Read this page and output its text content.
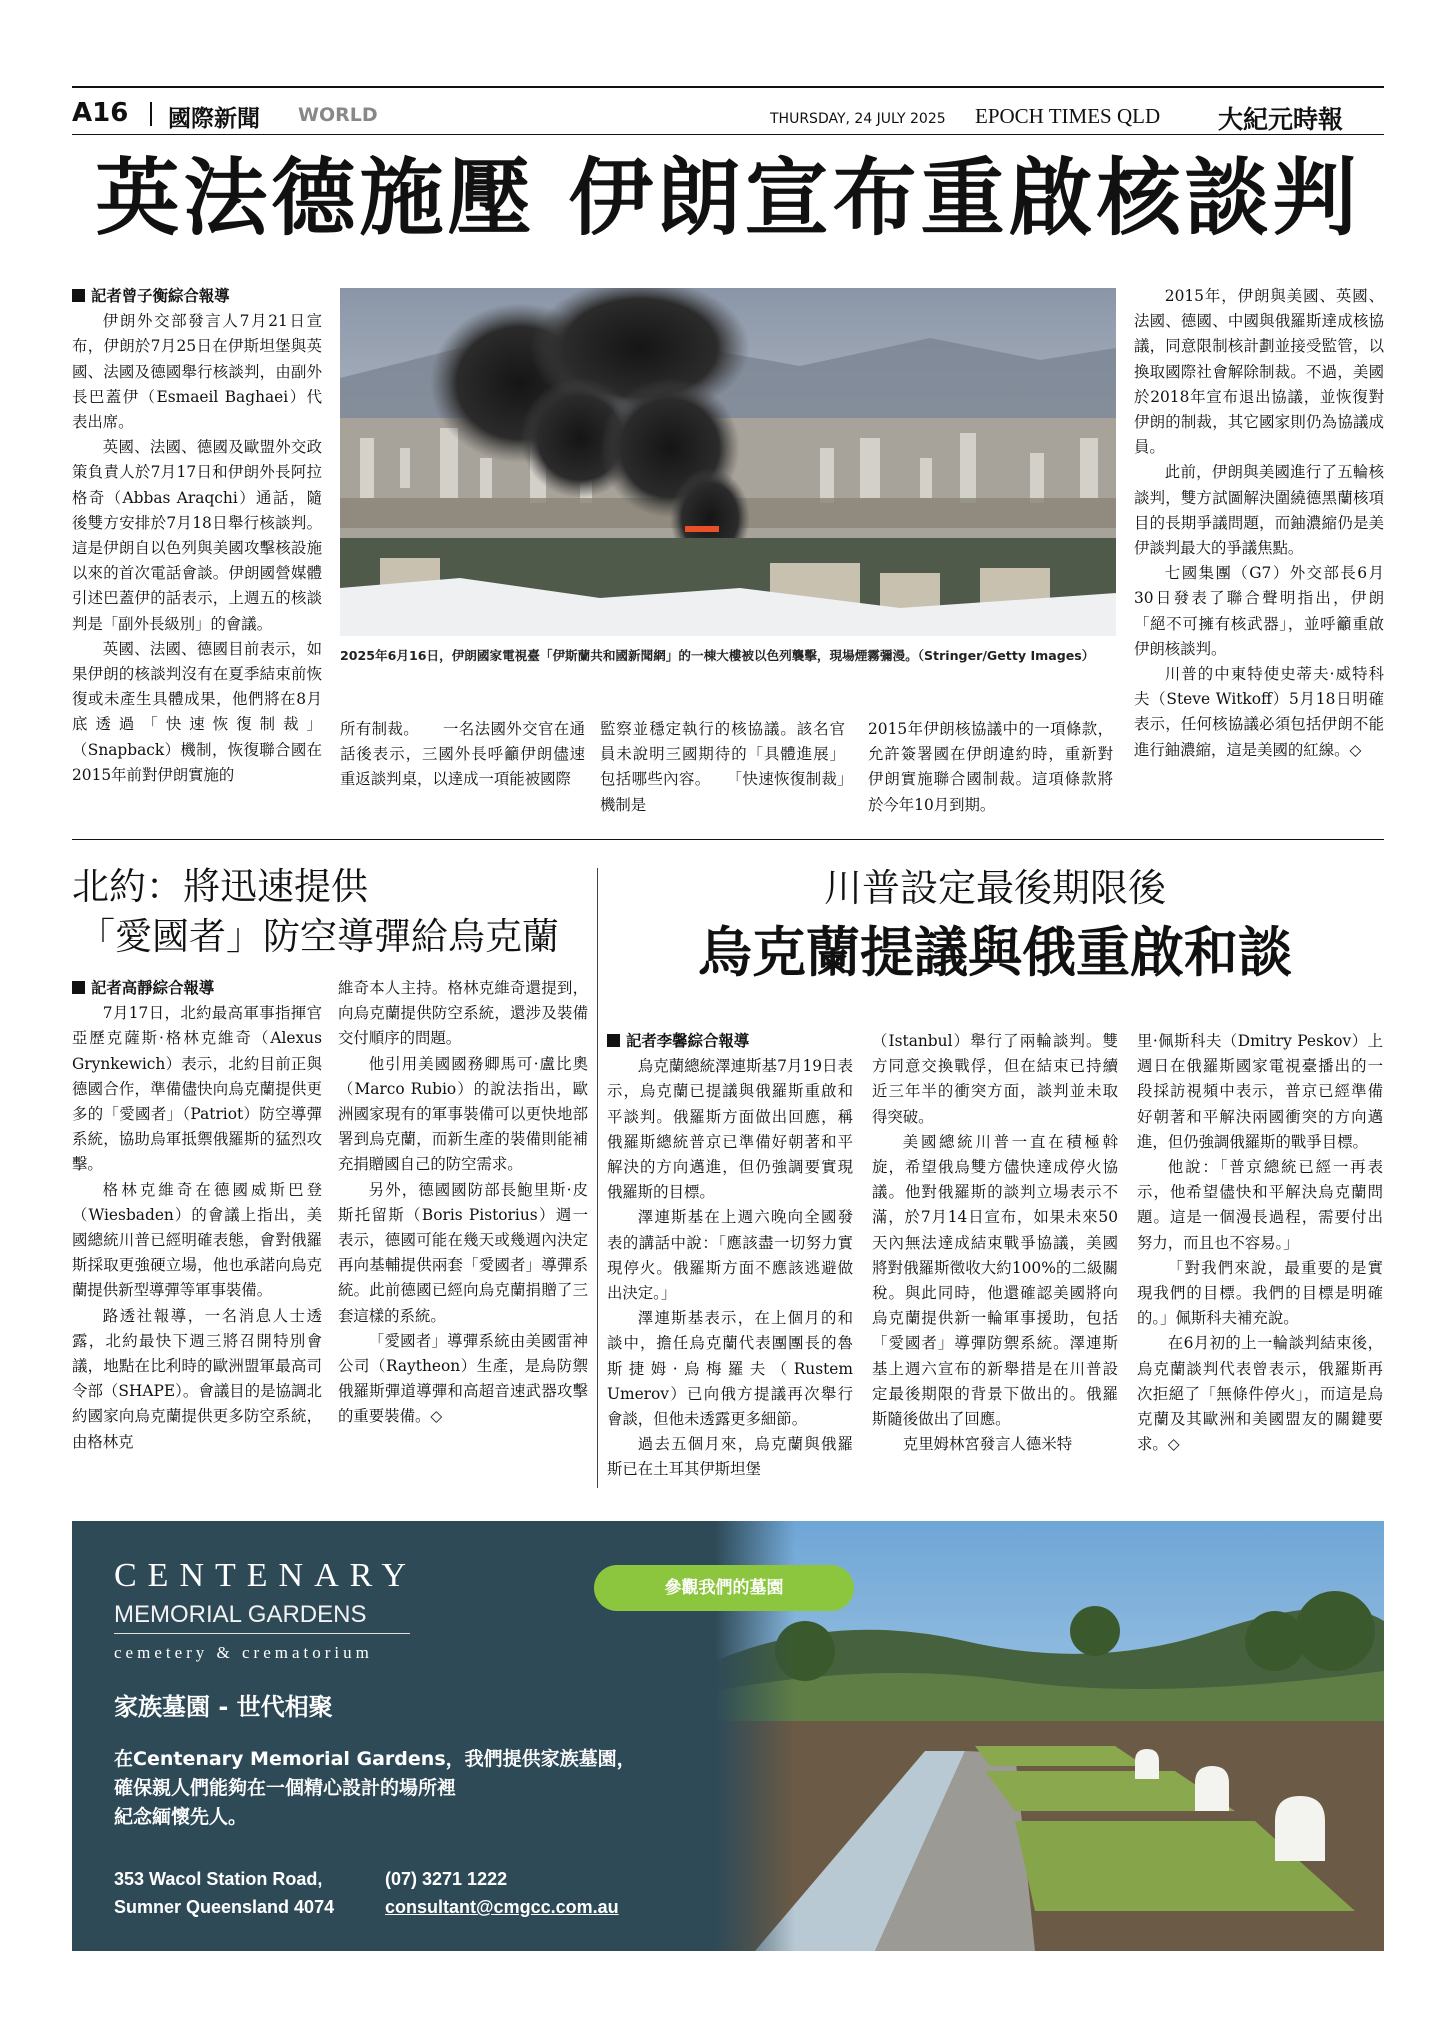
A16 國際新聞 WORLD	THURSDAY, 24 JULY 2025 EPOCH TIMES QLD 大紀元時報
英法德施壓 伊朗宣布重啟核談判

記者曾子衡綜合報導

伊朗外交部發言人7月21日宣布，伊朗於7月25日在伊斯坦堡與英國、法國及德國舉行核談判，由副外長巴蓋伊（Esmaeil Baghaei）代表出席。

英國、法國、德國及歐盟外交政策負責人於7月17日和伊朗外長阿拉格奇（Abbas Araqchi）通話，隨後雙方安排於7月18日舉行核談判。這是伊朗自以色列與美國攻擊核設施以來的首次電話會談。伊朗國營媒體引述巴蓋伊的話表示，上週五的核談判是「副外長級別」的會議。

英國、法國、德國目前表示，如果伊朗的核談判沒有在夏季結束前恢復或未產生具體成果，他們將在8月底透過「快速恢復制裁」（Snapback）機制，恢復聯合國在2015年前對伊朗實施的

2025年6月16日，伊朗國家電視臺「伊斯蘭共和國新聞網」的一棟大樓被以色列襲擊，現場煙霧彌漫。（Stringer/Getty Images）

所有制裁。　　一名法國外交官在通話後表示，三國外長呼籲伊朗儘速重返談判桌，以達成一項能被國際

監察並穩定執行的核協議。該名官員未說明三國期待的「具體進展」包括哪些內容。　　「快速恢復制裁」機制是

2015年伊朗核協議中的一項條款，允許簽署國在伊朗違約時，重新對伊朗實施聯合國制裁。這項條款將於今年10月到期。

2015年，伊朗與美國、英國、法國、德國、中國與俄羅斯達成核協議，同意限制核計劃並接受監管，以換取國際社會解除制裁。不過，美國於2018年宣布退出協議，並恢復對伊朗的制裁，其它國家則仍為協議成員。

此前，伊朗與美國進行了五輪核談判，雙方試圖解決圍繞德黑蘭核項目的長期爭議問題，而鈾濃縮仍是美伊談判最大的爭議焦點。

七國集團（G7）外交部長6月30日發表了聯合聲明指出，伊朗「絕不可擁有核武器」，並呼籲重啟伊朗核談判。

川普的中東特使史蒂夫·威特科夫（Steve Witkoff）5月18日明確表示，任何核協議必須包括伊朗不能進行鈾濃縮，這是美國的紅線。◇

北約：將迅速提供
「愛國者」防空導彈給烏克蘭

記者高靜綜合報導

7月17日，北約最高軍事指揮官亞歷克薩斯·格林克維奇（Alexus Grynkewich）表示，北約目前正與德國合作，準備儘快向烏克蘭提供更多的「愛國者」（Patriot）防空導彈系統，協助烏軍抵禦俄羅斯的猛烈攻擊。

格林克維奇在德國威斯巴登（Wiesbaden）的會議上指出，美國總統川普已經明確表態，會對俄羅斯採取更強硬立場，他也承諾向烏克蘭提供新型導彈等軍事裝備。

路透社報導，一名消息人士透露，北約最快下週三將召開特別會議，地點在比利時的歐洲盟軍最高司令部（SHAPE）。會議目的是協調北約國家向烏克蘭提供更多防空系統，由格林克

維奇本人主持。格林克維奇還提到，向烏克蘭提供防空系統，還涉及裝備交付順序的問題。

他引用美國國務卿馬可·盧比奧（Marco Rubio）的說法指出，歐洲國家現有的軍事裝備可以更快地部署到烏克蘭，而新生產的裝備則能補充捐贈國自己的防空需求。

另外，德國國防部長鮑里斯·皮斯托留斯（Boris Pistorius）週一表示，德國可能在幾天或幾週內決定再向基輔提供兩套「愛國者」導彈系統。此前德國已經向烏克蘭捐贈了三套這樣的系統。

「愛國者」導彈系統由美國雷神公司（Raytheon）生產，是烏防禦俄羅斯彈道導彈和高超音速武器攻擊的重要裝備。◇

川普設定最後期限後
烏克蘭提議與俄重啟和談

記者李馨綜合報導

烏克蘭總統澤連斯基7月19日表示，烏克蘭已提議與俄羅斯重啟和平談判。俄羅斯方面做出回應，稱俄羅斯總統普京已準備好朝著和平解決的方向邁進，但仍強調要實現俄羅斯的目標。

澤連斯基在上週六晚向全國發表的講話中說：「應該盡一切努力實現停火。俄羅斯方面不應該逃避做出決定。」

澤連斯基表示，在上個月的和談中，擔任烏克蘭代表團團長的魯斯捷姆·烏梅羅夫（Rustem Umerov）已向俄方提議再次舉行會談，但他未透露更多細節。

過去五個月來，烏克蘭與俄羅斯已在土耳其伊斯坦堡

（Istanbul）舉行了兩輪談判。雙方同意交換戰俘，但在結束已持續近三年半的衝突方面，談判並未取得突破。

美國總統川普一直在積極斡旋，希望俄烏雙方儘快達成停火協議。他對俄羅斯的談判立場表示不滿，於7月14日宣布，如果未來50天內無法達成結束戰爭協議，美國將對俄羅斯徵收大約100%的二級關稅。與此同時，他還確認美國將向烏克蘭提供新一輪軍事援助，包括「愛國者」導彈防禦系統。澤連斯基上週六宣布的新舉措是在川普設定最後期限的背景下做出的。俄羅斯隨後做出了回應。

克里姆林宮發言人德米特

里·佩斯科夫（Dmitry Peskov）上週日在俄羅斯國家電視臺播出的一段採訪視頻中表示，普京已經準備好朝著和平解決兩國衝突的方向邁進，但仍強調俄羅斯的戰爭目標。

他說：「普京總統已經一再表示，他希望儘快和平解決烏克蘭問題。這是一個漫長過程，需要付出努力，而且也不容易。」

「對我們來說，最重要的是實現我們的目標。我們的目標是明確的。」佩斯科夫補充說。

在6月初的上一輪談判結束後，烏克蘭談判代表曾表示，俄羅斯再次拒絕了「無條件停火」，而這是烏克蘭及其歐洲和美國盟友的關鍵要求。◇

CENTENARY
MEMORIAL GARDENS
cemetery & crematorium
家族墓園 - 世代相聚
在Centenary Memorial Gardens，我們提供家族墓園，
確保親人們能夠在一個精心設計的場所裡
紀念緬懷先人。
353 Wacol Station Road,
Sumner Queensland 4074
(07) 3271 1222
consultant@cmgcc.com.au
參觀我們的墓園
